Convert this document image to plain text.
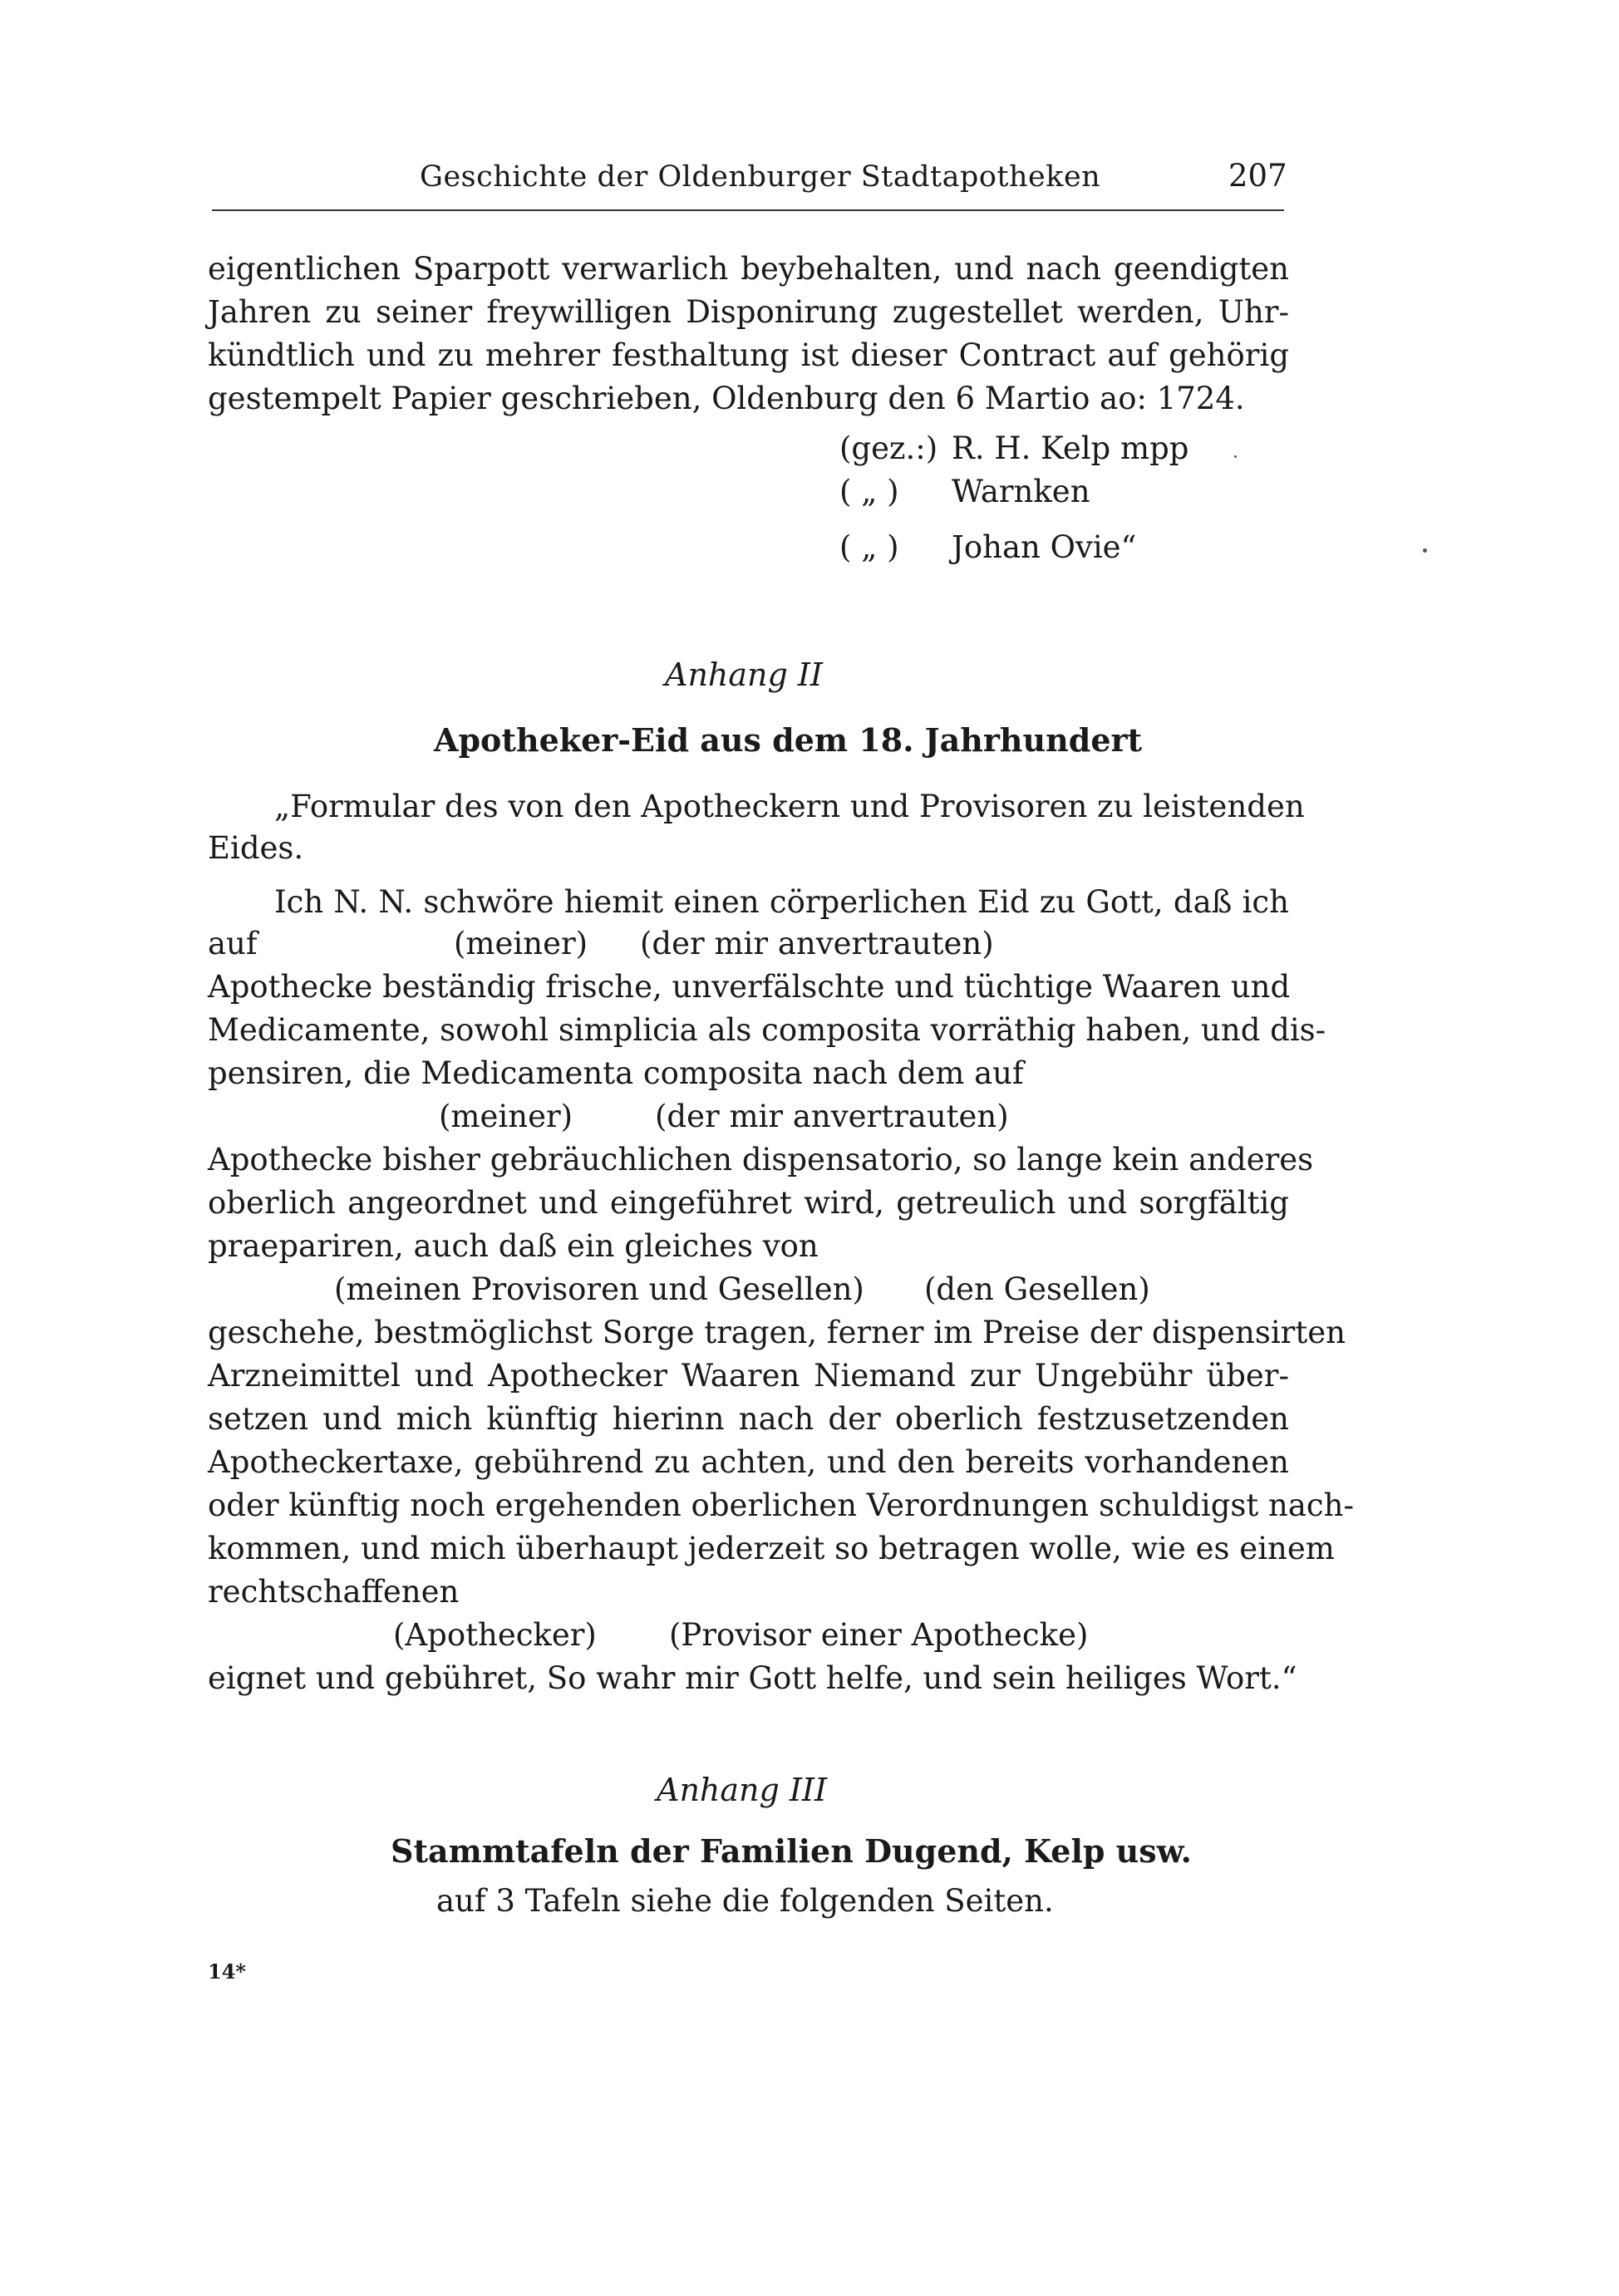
Geschichte der Oldenburger Stadtapotheken	207
eigentlichen Sparpott verwarlich beybehalten, und nach geendigten
Jahren zu seiner freywilligen Disponirung zugestellet werden, Uhr-
kündtlich und zu mehrer festhaltung ist dieser Contract auf gehörig
gestempelt Papier geschrieben, Oldenburg den 6 Martio ao: 1724.
(gez.:) R. H. Kelp mpp
( „ ) Warnken
( „ ) Johan Ovie“
Anhang II
Apotheker-Eid aus dem 18. Jahrhundert
„Formular des von den Apotheckern und Provisoren zu leistenden
Eides.
Ich N. N. schwöre hiemit einen cörperlichen Eid zu Gott, daß ich
auf	(meiner) (der mir anvertrauten)
Apothecke beständig frische, unverfälschte und tüchtige Waaren und
Medicamente, sowohl simplicia als composita vorräthig haben, und dis-
pensiren, die Medicamenta composita nach dem auf
(meiner)	(der mir anvertrauten)
Apothecke bisher gebräuchlichen dispensatorio, so lange kein anderes
oberlich angeordnet und eingeführet wird, getreulich und sorgfältig
praepariren, auch daß ein gleiches von
(meinen Provisoren und Gesellen) (den Gesellen)
geschehe, bestmöglichst Sorge tragen, ferner im Preise der dispensirten
Arzneimittel und Apothecker Waaren Niemand zur Ungebühr über-
setzen und mich künftig hierinn nach der oberlich festzusetzenden
Apotheckertaxe, gebührend zu achten, und den bereits vorhandenen
oder künftig noch ergehenden oberlichen Verordnungen schuldigst nach-
kommen, und mich überhaupt jederzeit so betragen wolle, wie es einem
rechtschaffenen
(Apothecker) (Provisor einer Apothecke)
eignet und gebühret, So wahr mir Gott helfe, und sein heiliges Wort.“
Anhang III
Stammtafeln der Familien Dugend, Kelp usw.
auf 3 Tafeln siehe die folgenden Seiten.
14*
